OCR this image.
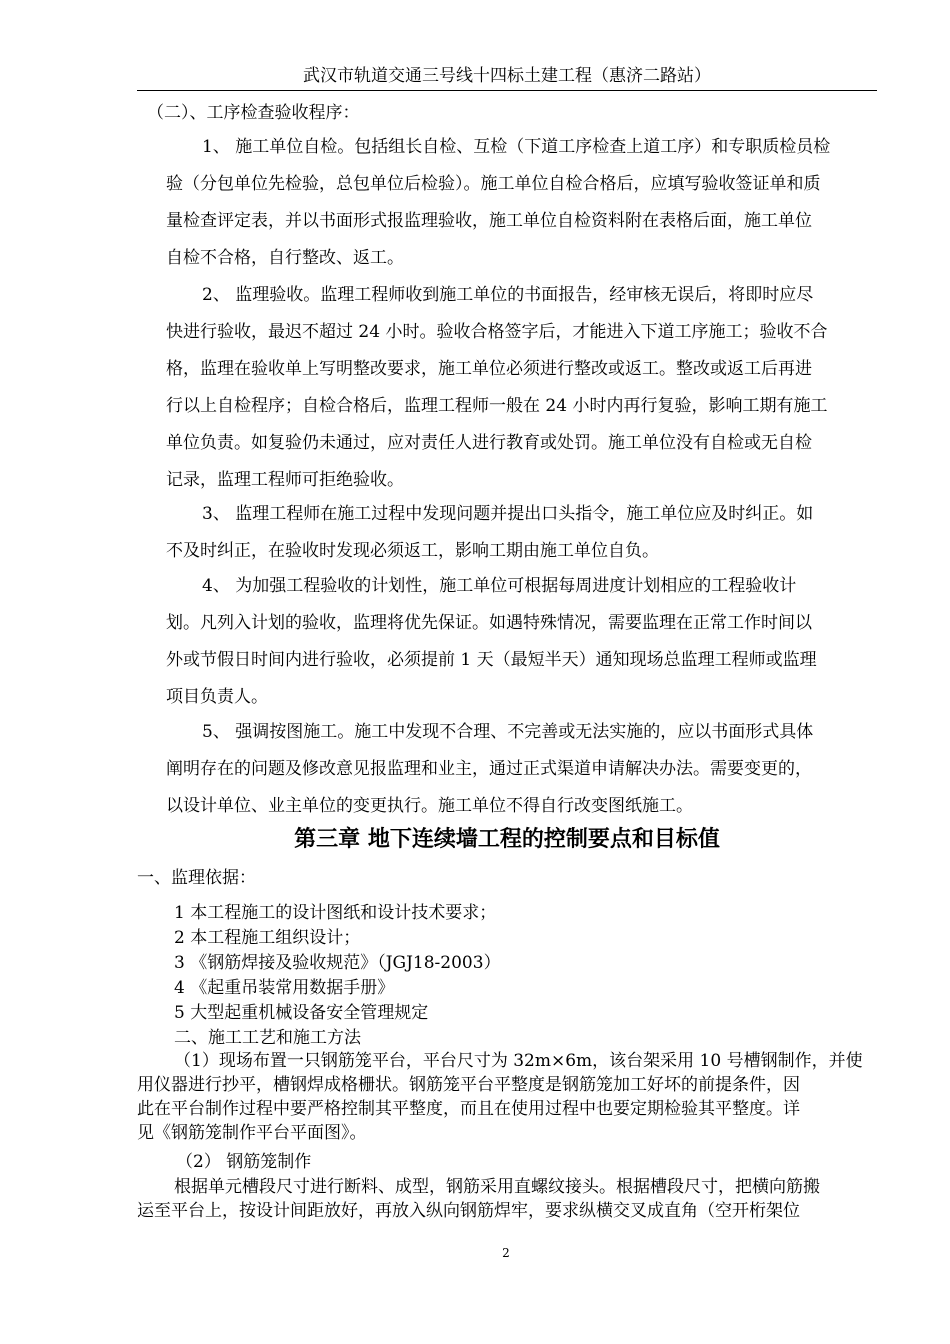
武汉市轨道交通三号线十四标土建工程（惠济二路站）
（二）、工序检查验收程序：
1、 施工单位自检。包括组长自检、互检（下道工序检查上道工序）和专职质检员检
验（分包单位先检验，总包单位后检验）。施工单位自检合格后，应填写验收签证单和质
量检查评定表，并以书面形式报监理验收，施工单位自检资料附在表格后面，施工单位
自检不合格，自行整改、返工。
2、 监理验收。监理工程师收到施工单位的书面报告，经审核无误后，将即时应尽
快进行验收，最迟不超过 24 小时。验收合格签字后，才能进入下道工序施工；验收不合
格，监理在验收单上写明整改要求，施工单位必须进行整改或返工。整改或返工后再进
行以上自检程序；自检合格后，监理工程师一般在 24 小时内再行复验，影响工期有施工
单位负责。如复验仍未通过，应对责任人进行教育或处罚。施工单位没有自检或无自检
记录，监理工程师可拒绝验收。
3、 监理工程师在施工过程中发现问题并提出口头指令，施工单位应及时纠正。如
不及时纠正，在验收时发现必须返工，影响工期由施工单位自负。
4、 为加强工程验收的计划性，施工单位可根据每周进度计划相应的工程验收计
划。凡列入计划的验收，监理将优先保证。如遇特殊情况，需要监理在正常工作时间以
外或节假日时间内进行验收，必须提前 1 天（最短半天）通知现场总监理工程师或监理
项目负责人。
5、 强调按图施工。施工中发现不合理、不完善或无法实施的，应以书面形式具体
阐明存在的问题及修改意见报监理和业主，通过正式渠道申请解决办法。需要变更的，
以设计单位、业主单位的变更执行。施工单位不得自行改变图纸施工。
第三章 地下连续墙工程的控制要点和目标值
一、监理依据：
1 本工程施工的设计图纸和设计技术要求；
2 本工程施工组织设计；
3 《钢筋焊接及验收规范》（JGJ18-2003）
4 《起重吊装常用数据手册》
5 大型起重机械设备安全管理规定
二、施工工艺和施工方法
（1）现场布置一只钢筋笼平台，平台尺寸为 32m×6m，该台架采用 10 号槽钢制作，并使
用仪器进行抄平，槽钢焊成格栅状。钢筋笼平台平整度是钢筋笼加工好坏的前提条件，因
此在平台制作过程中要严格控制其平整度，而且在使用过程中也要定期检验其平整度。详
见《钢筋笼制作平台平面图》。
（2） 钢筋笼制作
根据单元槽段尺寸进行断料、成型，钢筋采用直螺纹接头。根据槽段尺寸，把横向筋搬
运至平台上，按设计间距放好，再放入纵向钢筋焊牢，要求纵横交叉成直角（空开桁架位
2
